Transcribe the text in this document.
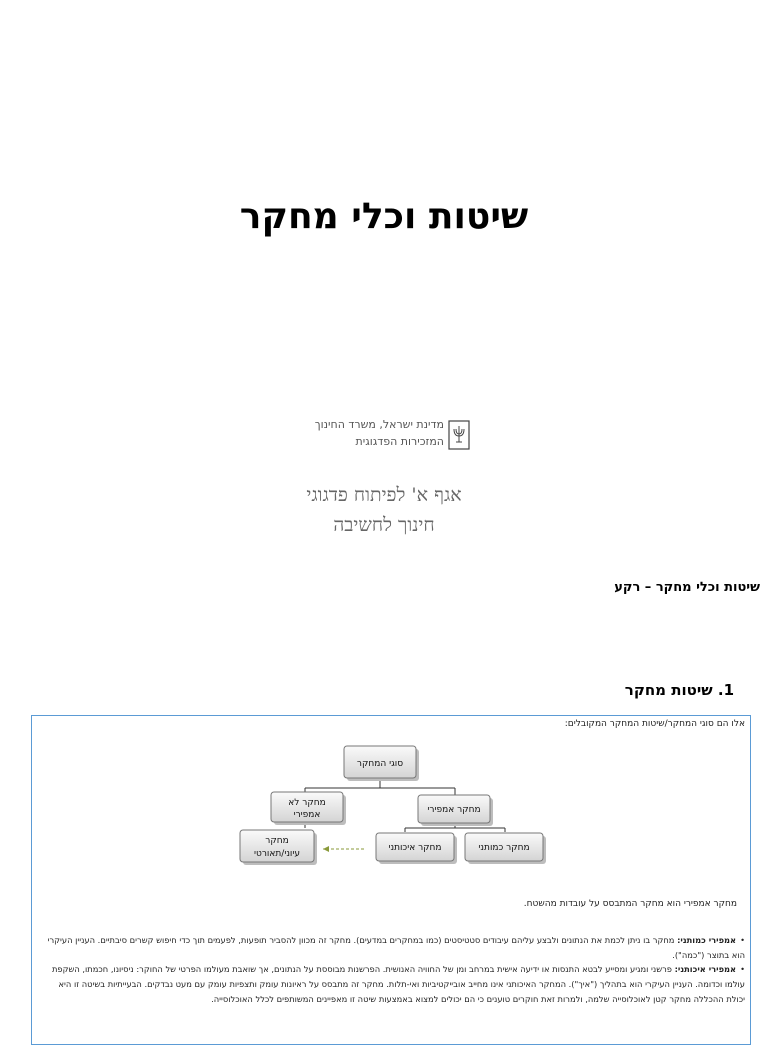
שיטות וכלי מחקר
מדינת ישראל, משרד החינוך
המזכירות הפדגוגית
אגף א' לפיתוח פדגוגי
חינוך לחשיבה
שיטות וכלי מחקר – רקע
1. שיטות מחקר
אלו הם סוגי המחקר/שיטות המחקר המקובלים:
סוגי המחקר
מחקר לא
אמפירי	מחקר אמפירי
מחקר
עיוני/תאורטי
מחקר איכותני	מחקר כמותני
מחקר אמפירי הוא מחקר המתבסס על עובדות מהשטח.
•אמפירי כמותני: מחקר בו ניתן לכמת את הנתונים ולבצע עליהם עיבודים סטטיסטים (כמו במחקרים במדעים). מחקר זה מכוון להסביר תופעות, לפעמים תוך כדי חיפוש קשרים סיבתיים. העניין העיקרי הוא בתוצר ("כמה").
•אמפירי איכותני: פרשני ומגיע ומסייע לבטא התנסות או ידיעה אישית במרחב ומן של החוויה האנושית. הפרשנות מבוססת על הנתונים, אך שואבת מעולמו הפרטי של החוקר: ניסיונו, חכמתו, השקפת עולמו וכדומה. העניין העיקרי הוא בתהליך ("איך"). המחקר האיכותני אינו מחייב אובייקטיביות ואי-תלות. מחקר זה מתבסס על ראיונות עומק ותצפיות עומק עם מעט נבדקים. הבעייתיות בשיטה זו היא יכולת ההכללה מחקר קטן לאוכלוסייה שלמה, ולמרות זאת חוקרים טוענים כי הם יכולים למצוא באמצעות שיטה זו מאפיינים המשותפים לכלל האוכלוסייה.
